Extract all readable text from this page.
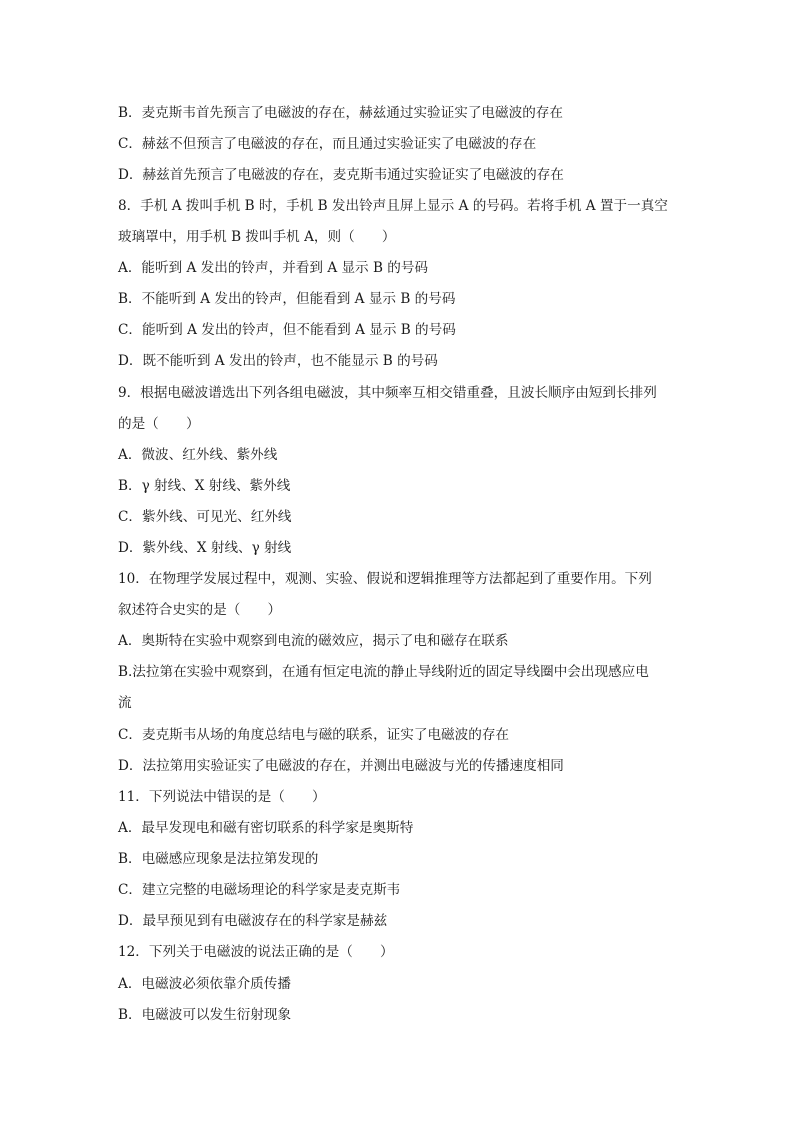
B．麦克斯韦首先预言了电磁波的存在，赫兹通过实验证实了电磁波的存在
C．赫兹不但预言了电磁波的存在，而且通过实验证实了电磁波的存在
D．赫兹首先预言了电磁波的存在，麦克斯韦通过实验证实了电磁波的存在
8．手机 A 拨叫手机 B 时，手机 B 发出铃声且屏上显示 A 的号码。若将手机 A 置于一真空
玻璃罩中，用手机 B 拨叫手机 A，则（　　）
A．能听到 A 发出的铃声，并看到 A 显示 B 的号码
B．不能听到 A 发出的铃声，但能看到 A 显示 B 的号码
C．能听到 A 发出的铃声，但不能看到 A 显示 B 的号码
D．既不能听到 A 发出的铃声，也不能显示 B 的号码
9．根据电磁波谱选出下列各组电磁波，其中频率互相交错重叠，且波长顺序由短到长排列
的是（　　）
A．微波、红外线、紫外线
B．γ 射线、X 射线、紫外线
C．紫外线、可见光、红外线
D．紫外线、X 射线、γ 射线
10．在物理学发展过程中，观测、实验、假说和逻辑推理等方法都起到了重要作用。下列
叙述符合史实的是（　　）
A．奥斯特在实验中观察到电流的磁效应，揭示了电和磁存在联系
B.法拉第在实验中观察到，在通有恒定电流的静止导线附近的固定导线圈中会出现感应电
流
C．麦克斯韦从场的角度总结电与磁的联系，证实了电磁波的存在
D．法拉第用实验证实了电磁波的存在，并测出电磁波与光的传播速度相同
11．下列说法中错误的是（　　）
A．最早发现电和磁有密切联系的科学家是奥斯特
B．电磁感应现象是法拉第发现的
C．建立完整的电磁场理论的科学家是麦克斯韦
D．最早预见到有电磁波存在的科学家是赫兹
12．下列关于电磁波的说法正确的是（　　）
A．电磁波必须依靠介质传播
B．电磁波可以发生衍射现象
